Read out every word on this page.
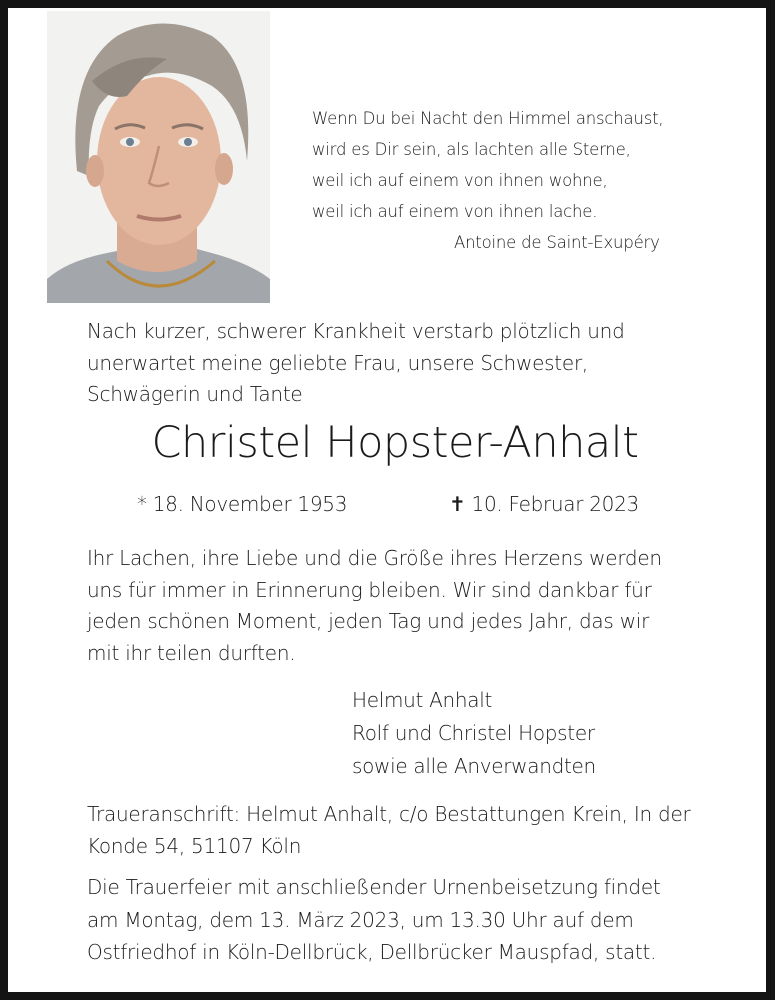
Wenn Du bei Nacht den Himmel anschaust,
wird es Dir sein, als lachten alle Sterne,
weil ich auf einem von ihnen wohne,
weil ich auf einem von ihnen lache.
Antoine de Saint-Exupéry
Nach kurzer, schwerer Krankheit verstarb plötzlich und
unerwartet meine geliebte Frau, unsere Schwester,
Schwägerin und Tante
Christel Hopster-Anhalt
* 18. November 1953	✝ 10. Februar 2023
Ihr Lachen, ihre Liebe und die Größe ihres Herzens werden
uns für immer in Erinnerung bleiben. Wir sind dankbar für
jeden schönen Moment, jeden Tag und jedes Jahr, das wir
mit ihr teilen durften.
Helmut Anhalt
Rolf und Christel Hopster
sowie alle Anverwandten
Traueranschrift: Helmut Anhalt, c/o Bestattungen Krein, In der
Konde 54, 51107 Köln
Die Trauerfeier mit anschließender Urnenbeisetzung findet
am Montag, dem 13. März 2023, um 13.30 Uhr auf dem
Ostfriedhof in Köln-Dellbrück, Dellbrücker Mauspfad, statt.
